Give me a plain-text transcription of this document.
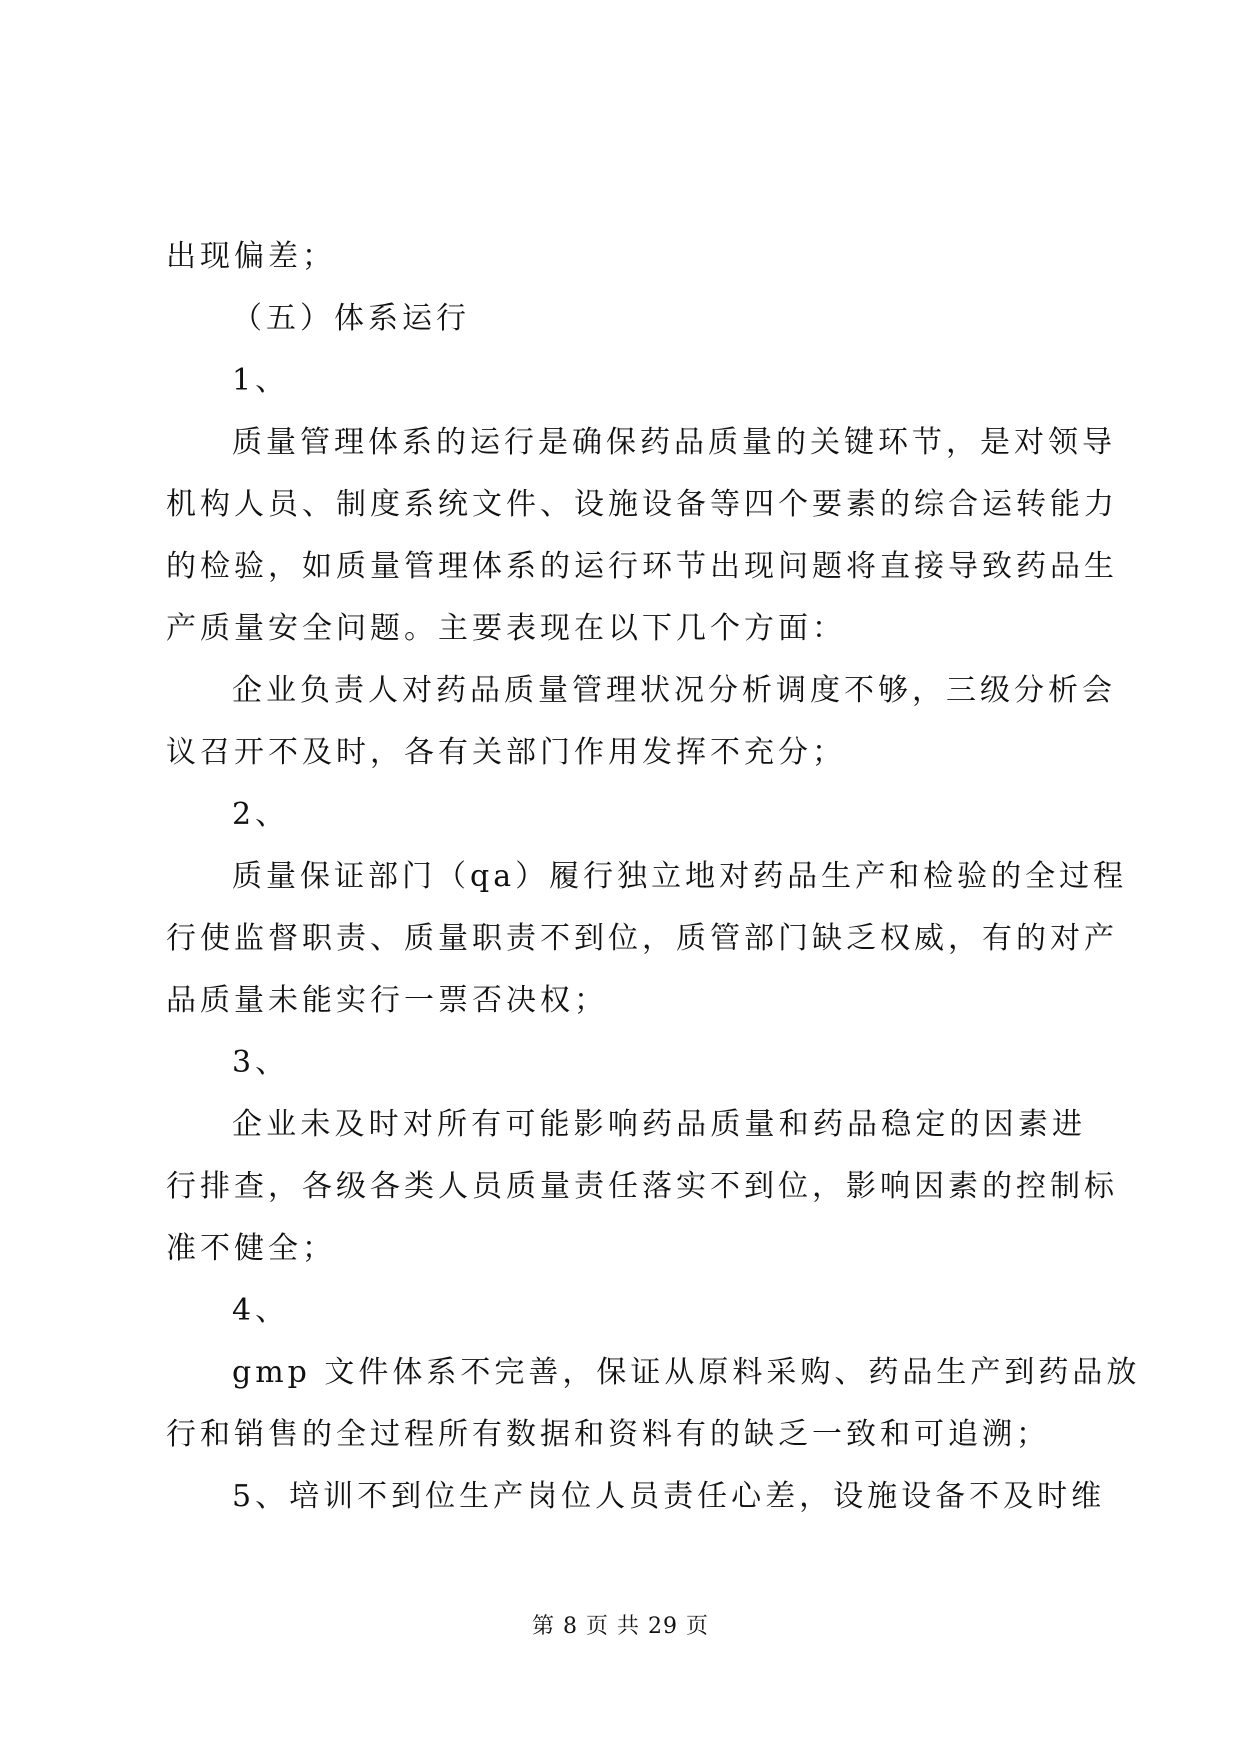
出现偏差；
（五）体系运行
1、
质量管理体系的运行是确保药品质量的关键环节，是对领导
机构人员、制度系统文件、设施设备等四个要素的综合运转能力
的检验，如质量管理体系的运行环节出现问题将直接导致药品生
产质量安全问题。主要表现在以下几个方面：
企业负责人对药品质量管理状况分析调度不够，三级分析会
议召开不及时，各有关部门作用发挥不充分；
2、
质量保证部门（qa）履行独立地对药品生产和检验的全过程
行使监督职责、质量职责不到位，质管部门缺乏权威，有的对产
品质量未能实行一票否决权；
3、
企业未及时对所有可能影响药品质量和药品稳定的因素进
行排查，各级各类人员质量责任落实不到位，影响因素的控制标
准不健全；
4、
gmp 文件体系不完善，保证从原料采购、药品生产到药品放
行和销售的全过程所有数据和资料有的缺乏一致和可追溯；
5、培训不到位生产岗位人员责任心差，设施设备不及时维
第 8 页 共 29 页
